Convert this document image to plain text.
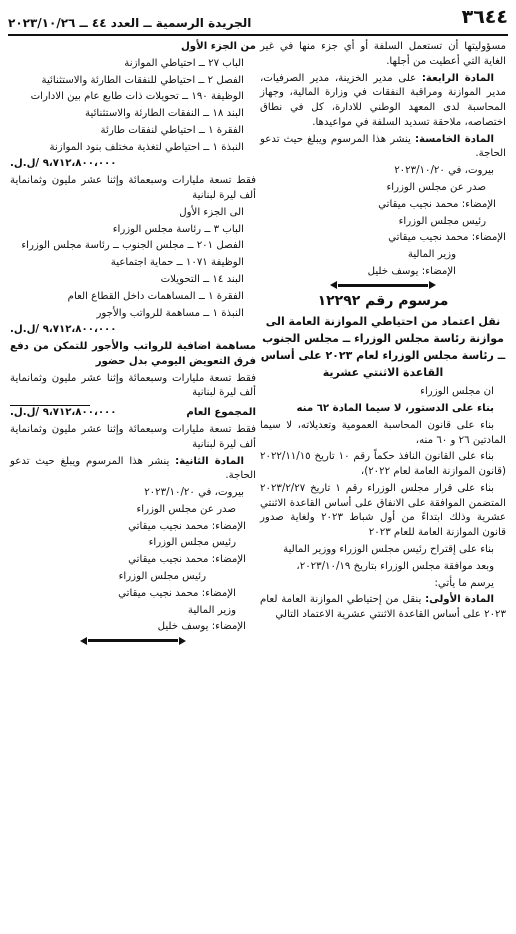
٣٦٤٤
الجريدة الرسمية ــ العدد ٤٤ ــ ٢٠٢٣/١٠/٢٦

مسؤوليتها أن تستعمل السلفة أو أي جزء منها في غير الغاية التي أعطيت من أجلها.

المادة الرابعة: على مدير الخزينة، مدير الصرفيات، مدير الموازنة ومراقبة النفقات في وزارة المالية، وجهاز المحاسبة لدى المعهد الوطني للادارة، كل في نطاق اختصاصه، ملاحقة تسديد السلفة في مواعيدها.

المادة الخامسة: ينشر هذا المرسوم ويبلغ حيث تدعو الحاجة.

بيروت، في ٢٠٢٣/١٠/٢٠

صدر عن مجلس الوزراء

الإمضاء: محمد نجيب ميقاتي

رئيس مجلس الوزراء

الإمضاء: محمد نجيب ميقاتي

وزير المالية

الإمضاء: يوسف خليل

مرسوم رقم ١٢٢٩٢
نقل اعتماد من احتياطي الموازنة العامة الى موازنة رئاسة مجلس الوزراء ــ مجلس الجنوب ــ رئاسة مجلس الوزراء لعام ٢٠٢٣ على أساس القاعدة الاثنتي عشرية

ان مجلس الوزراء

بناء على الدستور، لا سيما المادة ٦٢ منه

بناء على قانون المحاسبة العمومية وتعديلاته، لا سيما المادتين ٢٦ و ٦٠ منه،

بناء على القانون النافذ حكماً رقم ١٠ تاريخ ٢٠٢٢/١١/١٥ (قانون الموازنة العامة لعام ٢٠٢٢)،

بناء على قرار مجلس الوزراء رقم ١ تاريخ ٢٠٢٣/٢/٢٧ المتضمن الموافقة على الانفاق على أساس القاعدة الاثنتي عشرية وذلك ابتداءً من أول شباط ٢٠٢٣ ولغاية صدور قانون الموازنة العامة للعام ٢٠٢٣

بناء على إقتراح رئيس مجلس الوزراء ووزير المالية

وبعد موافقة مجلس الوزراء بتاريخ ٢٠٢٣/١٠/١٩،

يرسم ما يأتي:

المادة الأولى: ينقل من إحتياطي الموازنة العامة لعام ٢٠٢٣ على أساس القاعدة الاثنتي عشرية الاعتماد التالي

من الجزء الأول

الباب ٢٧ ــ احتياطي الموازنة

الفصل ٢ ــ احتياطي للنفقات الطارئة والاستثنائية

الوظيفة ١٩٠ ــ تحويلات ذات طابع عام بين الادارات

البند ١٨ ــ النفقات الطارئة والاستثنائية

الفقرة ١ ــ احتياطي لنفقات طارئة

النبذة ١ ــ احتياطي لتغذية مختلف بنود الموازنة

٩،٧١٢،٨٠٠،٠٠٠ /ل.ل.

فقط تسعة مليارات وسبعمائة وإثنا عشر مليون وثمانماية ألف ليرة لبنانية

الى الجزء الأول

الباب ٣ ــ رئاسة مجلس الوزراء

الفصل ٢٠١ ــ مجلس الجنوب ــ رئاسة مجلس الوزراء

الوظيفة ١٠٧١ ــ حماية اجتماعية

البند ١٤ ــ التحويلات

الفقرة ١ ــ المساهمات داخل القطاع العام

النبذة ١ ــ مساهمة للرواتب والأجور

٩،٧١٢،٨٠٠،٠٠٠ /ل.ل.

مساهمة اضافية للرواتب والأجور للتمكن من دفع فرق التعويض اليومي بدل حضور

فقط تسعة مليارات وسبعمائة وإثنا عشر مليون وثمانماية ألف ليرة لبنانية

المجموع العام
٩،٧١٢،٨٠٠،٠٠٠ /ل.ل.

فقط تسعة مليارات وسبعمائة وإثنا عشر مليون وثمانماية ألف ليرة لبنانية

المادة الثانية: ينشر هذا المرسوم ويبلغ حيث تدعو الحاجة.

بيروت، في ٢٠٢٣/١٠/٢٠

صدر عن مجلس الوزراء

الإمضاء: محمد نجيب ميقاتي

رئيس مجلس الوزراء

الإمضاء: محمد نجيب ميقاتي

رئيس مجلس الوزراء

الإمضاء: محمد نجيب ميقاتي

وزير المالية

الإمضاء: يوسف خليل
